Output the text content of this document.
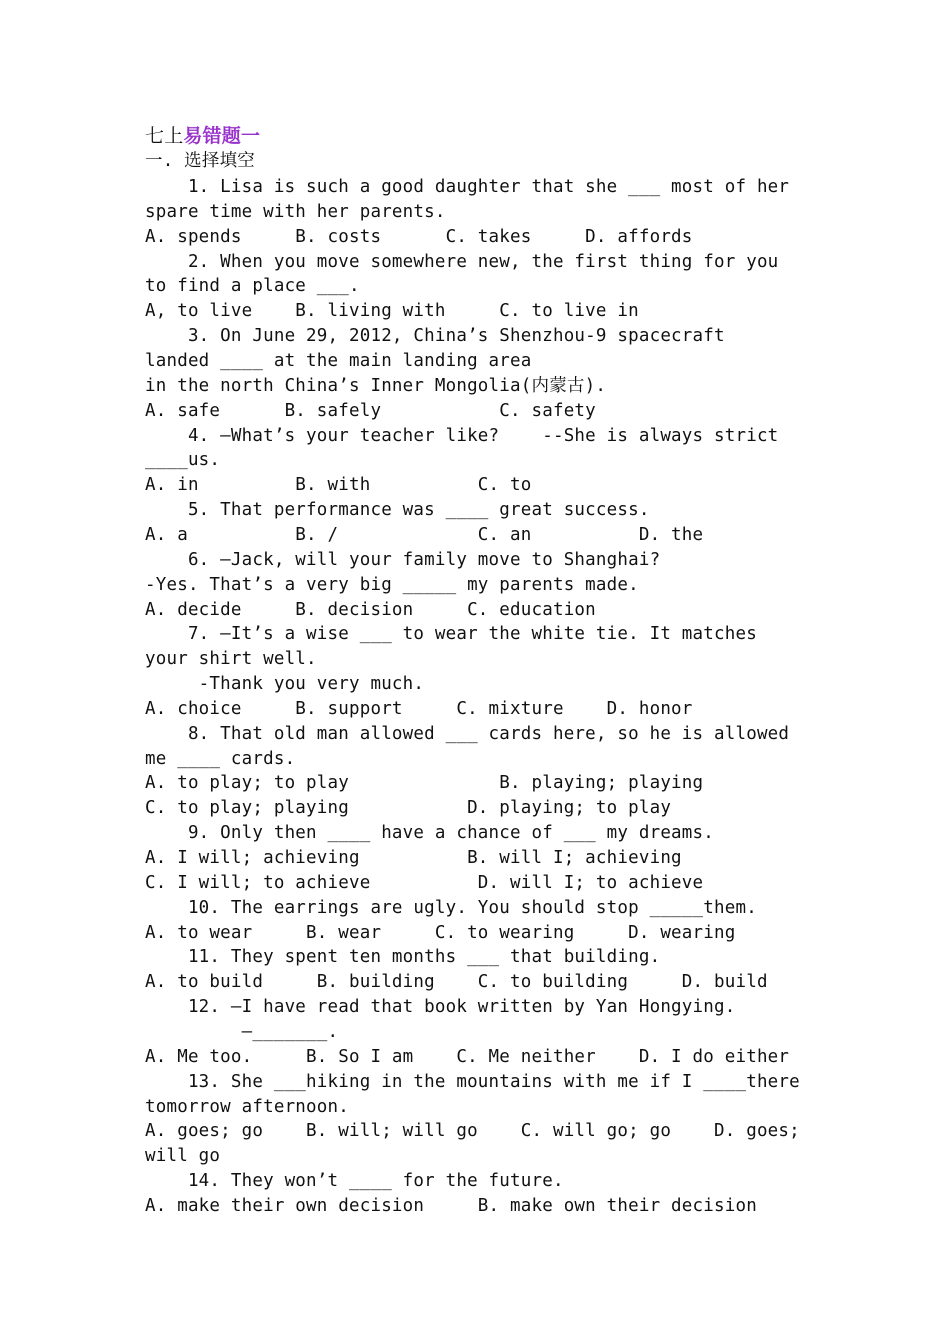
七上易错题一
一. 选择填空
1. Lisa is such a good daughter that she ___ most of her
spare time with her parents.
A. spends     B. costs      C. takes     D. affords
2. When you move somewhere new, the first thing for you
to find a place ___.
A, to live    B. living with     C. to live in
3. On June 29, 2012, China’s Shenzhou-9 spacecraft
landed ____ at the main landing area
in the north China’s Inner Mongolia(内蒙古).
A. safe      B. safely           C. safety
4. –What’s your teacher like?    --She is always strict
____us.
A. in         B. with          C. to
5. That performance was ____ great success.
A. a          B. /             C. an          D. the
6. –Jack, will your family move to Shanghai?
-Yes. That’s a very big _____ my parents made.
A. decide     B. decision     C. education
7. –It’s a wise ___ to wear the white tie. It matches
your shirt well.
-Thank you very much.
A. choice     B. support     C. mixture    D. honor
8. That old man allowed ___ cards here, so he is allowed
me ____ cards.
A. to play; to play              B. playing; playing
C. to play; playing           D. playing; to play
9. Only then ____ have a chance of ___ my dreams.
A. I will; achieving          B. will I; achieving
C. I will; to achieve          D. will I; to achieve
10. The earrings are ugly. You should stop _____them.
A. to wear     B. wear     C. to wearing     D. wearing
11. They spent ten months ___ that building.
A. to build     B. building    C. to building     D. build
12. –I have read that book written by Yan Hongying.
–_______.
A. Me too.     B. So I am    C. Me neither    D. I do either
13. She ___hiking in the mountains with me if I ____there
tomorrow afternoon.
A. goes; go    B. will; will go    C. will go; go    D. goes;
will go
14. They won’t ____ for the future.
A. make their own decision     B. make own their decision
